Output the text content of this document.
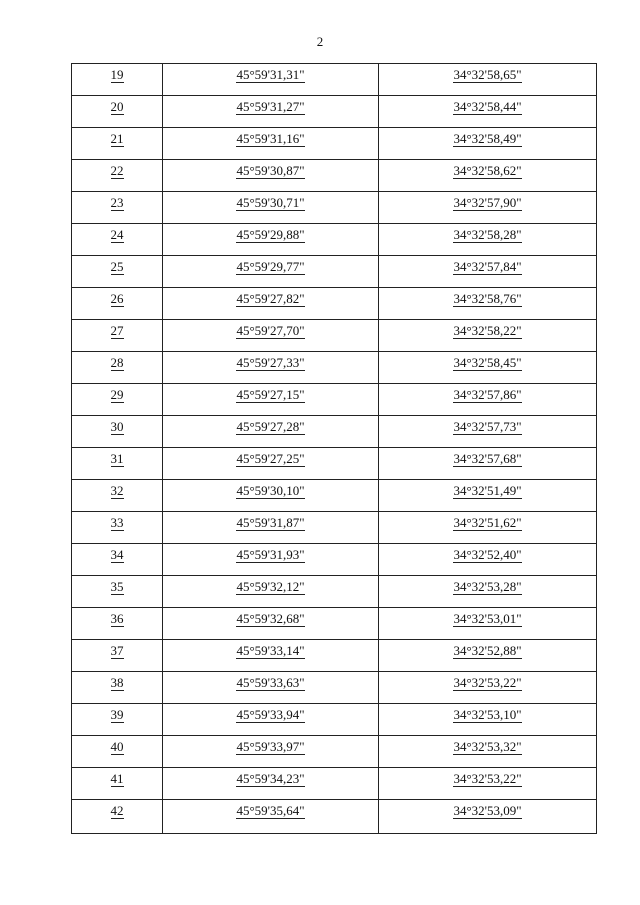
2
19	45°59'31,31"	34°32'58,65"
20	45°59'31,27"	34°32'58,44"
21	45°59'31,16"	34°32'58,49"
22	45°59'30,87"	34°32'58,62"
23	45°59'30,71"	34°32'57,90"
24	45°59'29,88"	34°32'58,28"
25	45°59'29,77"	34°32'57,84"
26	45°59'27,82"	34°32'58,76"
27	45°59'27,70"	34°32'58,22"
28	45°59'27,33"	34°32'58,45"
29	45°59'27,15"	34°32'57,86"
30	45°59'27,28"	34°32'57,73"
31	45°59'27,25"	34°32'57,68"
32	45°59'30,10"	34°32'51,49"
33	45°59'31,87"	34°32'51,62"
34	45°59'31,93"	34°32'52,40"
35	45°59'32,12"	34°32'53,28"
36	45°59'32,68"	34°32'53,01"
37	45°59'33,14"	34°32'52,88"
38	45°59'33,63"	34°32'53,22"
39	45°59'33,94"	34°32'53,10"
40	45°59'33,97"	34°32'53,32"
41	45°59'34,23"	34°32'53,22"
42	45°59'35,64"	34°32'53,09"
